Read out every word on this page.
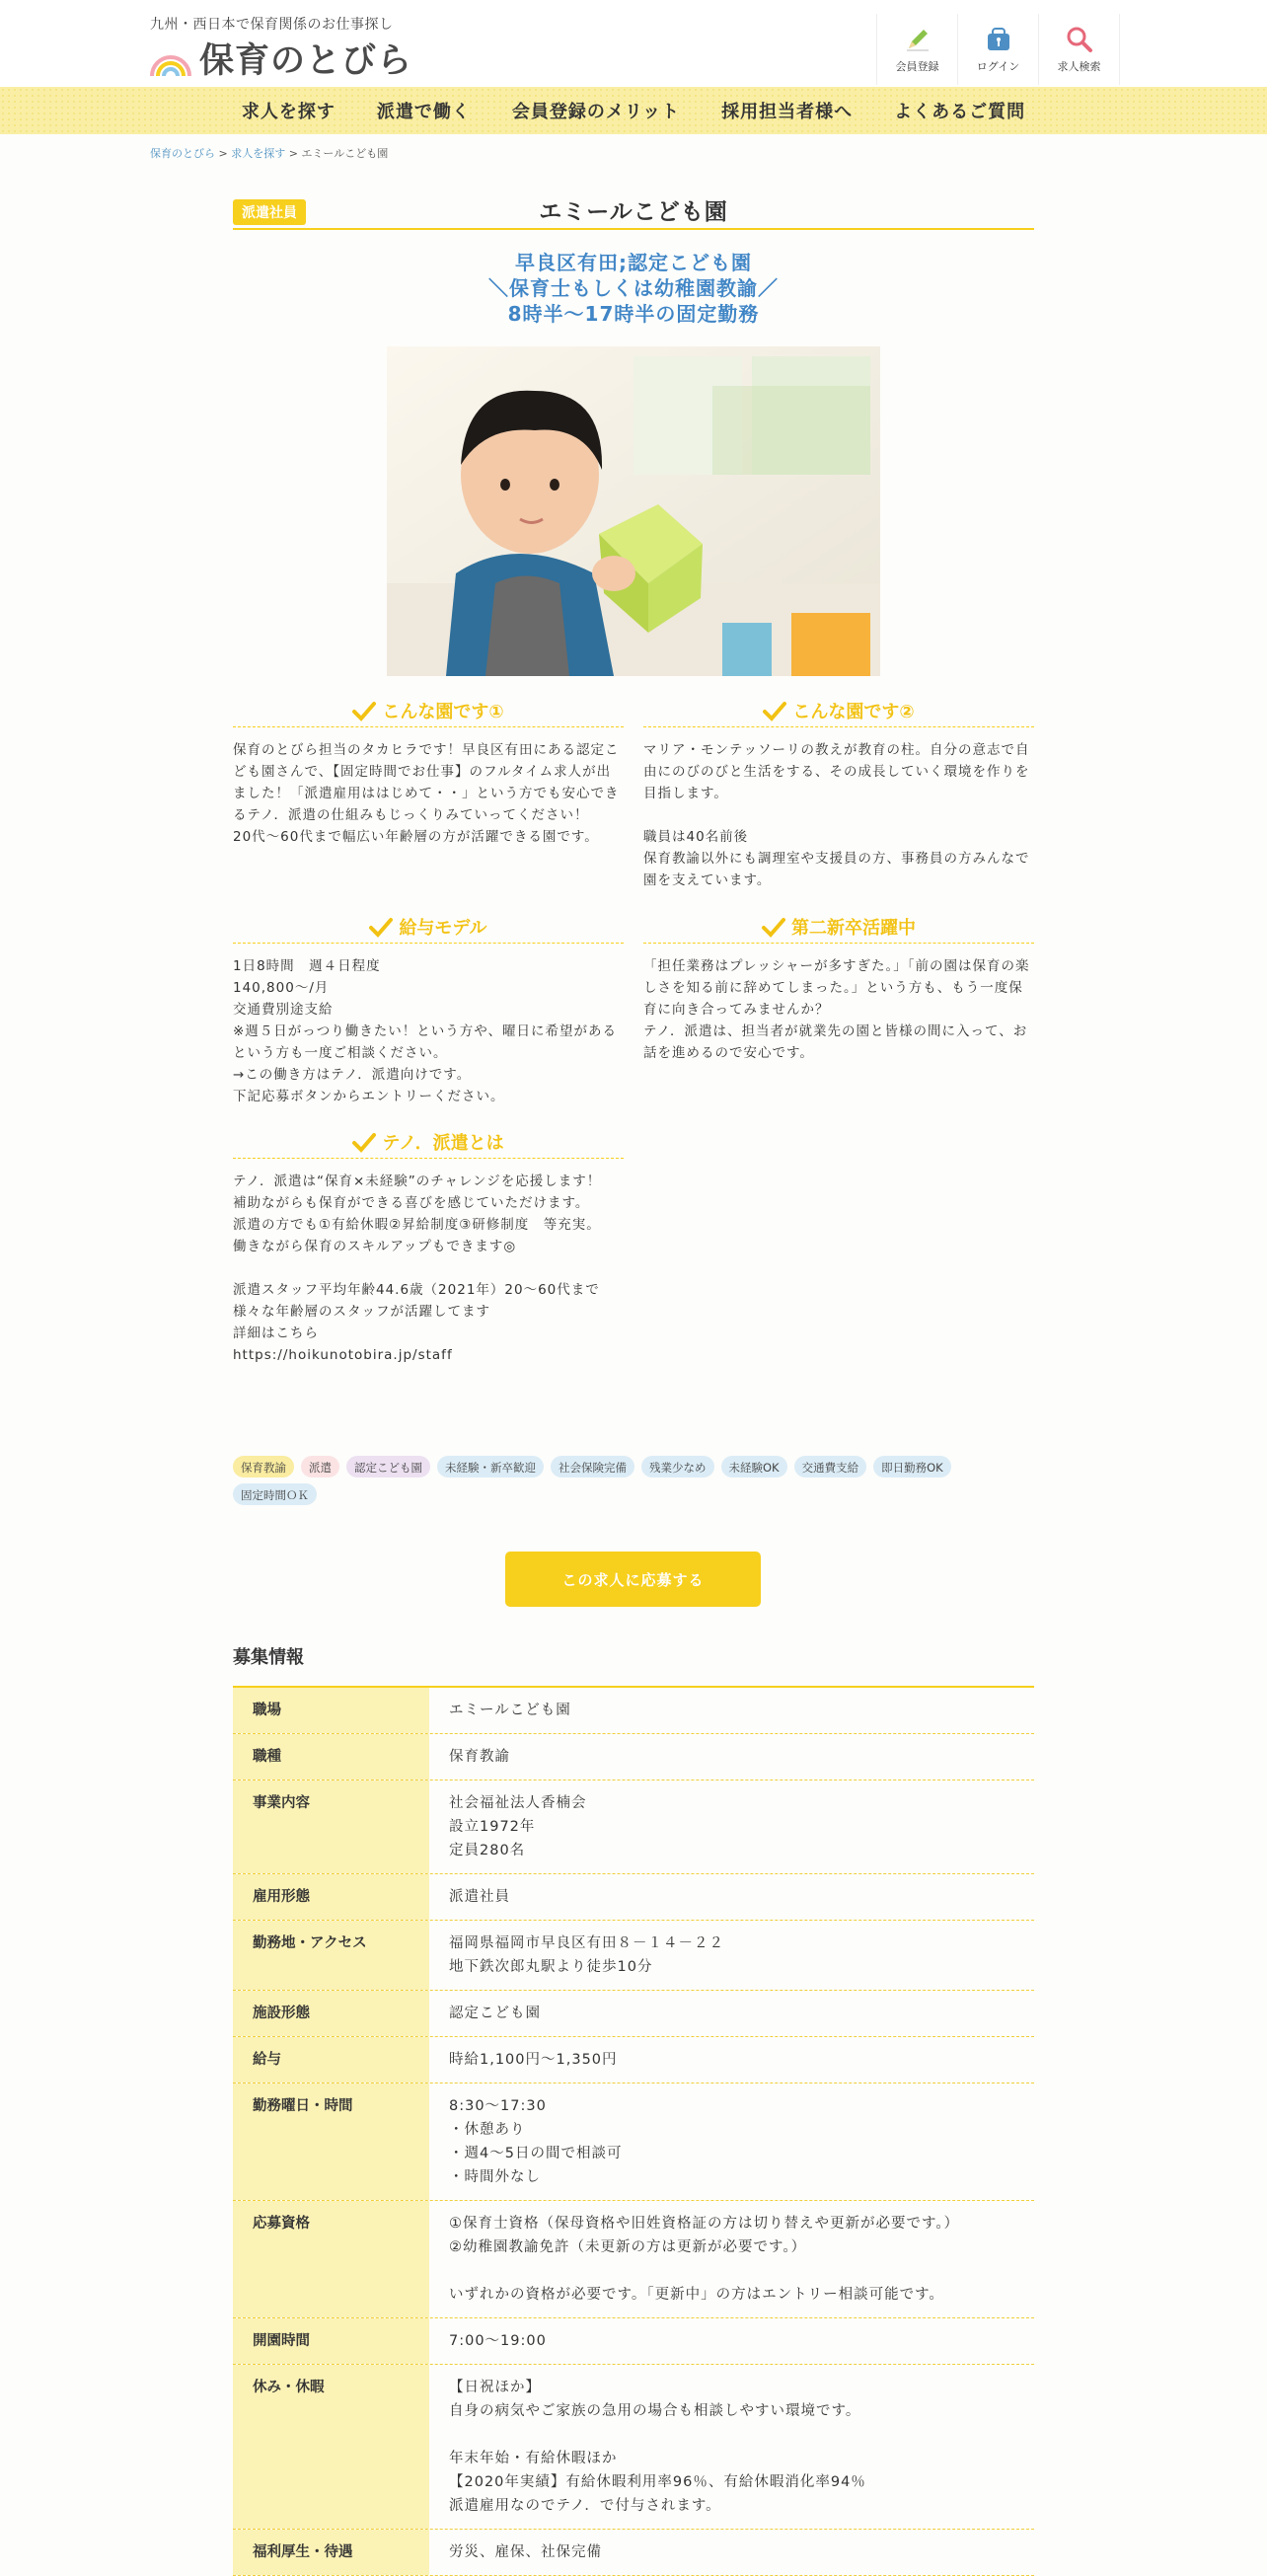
九州・西日本で保育関係のお仕事探し
保育のとびら	会員登録	ログイン	求人検索
求人を探す	派遣で働く	会員登録のメリット	採用担当者様へ	よくあるご質問
保育のとびら > 求人を探す > エミールこども園
エミールこども園
派遣社員
早良区有田;認定こども園
＼保育士もしくは幼稚園教諭／
8時半～17時半の固定勤務
こんな園です①
保育のとびら担当のタカヒラです！早良区有田にある認定こども園さんで、【固定時間でお仕事】のフルタイム求人が出ました！「派遣雇用ははじめて・・」という方でも安心できるテノ．派遣の仕組みもじっくりみていってください！
20代～60代まで幅広い年齢層の方が活躍できる園です。
こんな園です②
マリア・モンテッソーリの教えが教育の柱。自分の意志で自由にのびのびと生活をする、その成長していく環境を作りを目指します。

職員は40名前後
保育教諭以外にも調理室や支援員の方、事務員の方みんなで園を支えています。
給与モデル
1日8時間　週４日程度
140,800～/月
交通費別途支給
※週５日がっつり働きたい！という方や、曜日に希望があるという方も一度ご相談ください。
→この働き方はテノ．派遣向けです。
下記応募ボタンからエントリーください。
第二新卒活躍中
「担任業務はプレッシャーが多すぎた。」「前の園は保育の楽しさを知る前に辞めてしまった。」という方も、もう一度保育に向き合ってみませんか？
テノ．派遣は、担当者が就業先の園と皆様の間に入って、お話を進めるので安心です。
テノ．派遣とは
テノ．派遣は“保育×未経験”のチャレンジを応援します！
補助ながらも保育ができる喜びを感じていただけます。
派遣の方でも①有給休暇②昇給制度③研修制度　等充実。
働きながら保育のスキルアップもできます◎

派遣スタッフ平均年齢44.6歳（2021年）20～60代まで様々な年齢層のスタッフが活躍してます
詳細はこちら
https://hoikunotobira.jp/staff
保育教諭	派遣	認定こども園	未経験・新卒歓迎	社会保険完備	残業少なめ	未経験OK	交通費支給	即日勤務OK
固定時間ＯＫ
この求人に応募する
募集情報
職場	エミールこども園
職種	保育教諭
事業内容	社会福祉法人香楠会
設立1972年
定員280名
雇用形態	派遣社員
勤務地・アクセス	福岡県福岡市早良区有田８－１４－２２
地下鉄次郎丸駅より徒歩10分
施設形態	認定こども園
給与	時給1,100円～1,350円
勤務曜日・時間	8:30～17:30
・休憩あり
・週4～5日の間で相談可
・時間外なし
応募資格	①保育士資格（保母資格や旧姓資格証の方は切り替えや更新が必要です。）
②幼稚園教諭免許（未更新の方は更新が必要です。）

いずれかの資格が必要です。「更新中」の方はエントリー相談可能です。
開園時間	7:00～19:00
休み・休暇	【日祝ほか】
自身の病気やご家族の急用の場合も相談しやすい環境です。

年末年始・有給休暇ほか
【2020年実績】有給休暇利用率96％、有給休暇消化率94％
派遣雇用なのでテノ．で付与されます。
福利厚生・待遇	労災、雇保、社保完備
